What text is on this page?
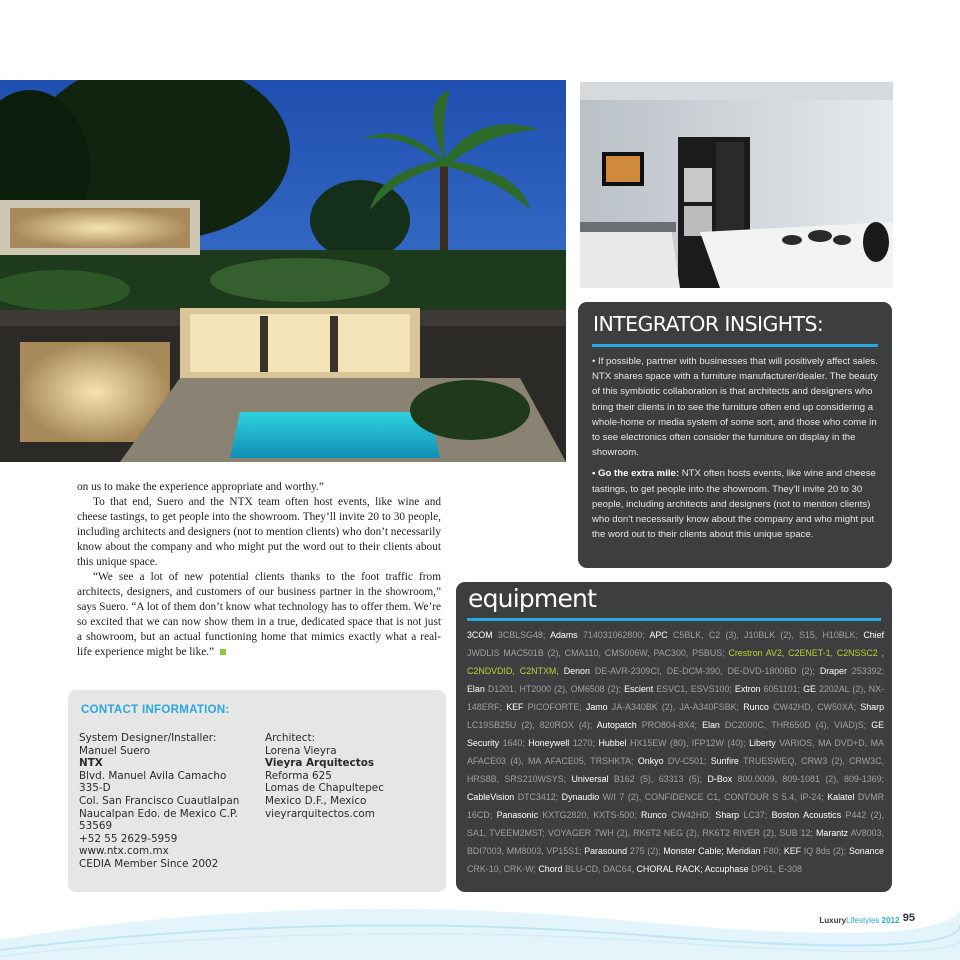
on us to make the experience appropriate and worthy.”

To that end, Suero and the NTX team often host events, like wine and cheese tastings, to get people into the showroom. They’ll invite 20 to 30 people, including architects and designers (not to mention clients) who don’t necessarily know about the company and who might put the word out to their clients about this unique space.

“We see a lot of new potential clients thanks to the foot traffic from architects, designers, and customers of our business partner in the showroom,” says Suero. “A lot of them don’t know what technology has to offer them. We’re so excited that we can now show them in a true, dedicated space that is not just a showroom, but an actual functioning home that mimics exactly what a real-life experience might be like.”

CONTACT INFORMATION:
System Designer/Installer:
Manuel Suero
NTX
Blvd. Manuel Avila Camacho
335-D
Col. San Francisco Cuautlalpan
Naucalpan Edo. de Mexico C.P.
53569
+52 55 2629-5959
www.ntx.com.mx
CEDIA Member Since 2002
Architect:
Lorena Vieyra
Vieyra Arquitectos
Reforma 625
Lomas de Chapultepec
Mexico D.F., Mexico
vieyrarquitectos.com
INTEGRATOR INSIGHTS:

• If possible, partner with businesses that will positively affect sales. NTX shares space with a furniture manufacturer/dealer. The beauty of this symbiotic collaboration is that architects and designers who bring their clients in to see the furniture often end up considering a whole-home or media system of some sort, and those who come in to see electronics often consider the furniture on display in the showroom.

• Go the extra mile: NTX often hosts events, like wine and cheese tastings, to get people into the showroom. They’ll invite 20 to 30 people, including architects and designers (not to mention clients) who don’t necessarily know about the company and who might put the word out to their clients about this unique space.

equipment
3COM 3CBLSG48; Adams 714031062800; APC C5BLK, C2 (3), J10BLK (2), S15, H10BLK; Chief JWDLIS MAC501B (2), CMA110, CMS006W, PAC300, PSBUS; Crestron AV2, C2ENET-1, C2NSSC2 , C2NDVDID, C2NTXM, Denon DE-AVR-2309CI, DE-DCM-390, DE-DVD-1800BD (2); Draper 253392; Elan D1201, HT2000 (2), OM6508 (2); Escient ESVC1, ESVS100; Extron 6051101; GE 2202AL (2), NX-148ERF; KEF PICOFORTE; Jamo JA-A340BK (2), JA-A340FSBK; Runco CW42HD, CW50XA; Sharp LC19SB25U (2), 820ROX (4); Autopatch PRO804-8X4; Elan DC2000C, THR650D (4), VIAD)S; GE Security 1640; Honeywell 1270; Hubbel HX15EW (80), IFP12W (40); Liberty VARIOS, MA DVD+D, MA AFACE03 (4), MA AFACE05, TRSHKTA; Onkyo DV-C501; Sunfire TRUESWEQ, CRW3 (2), CRW3C, HRS8B, SRS210WSYS; Universal B162 (5), 63313 (5); D-Box 800.0009, 809-1081 (2), 809-1369; CableVision DTC3412; Dynaudio W/I 7 (2), CONFIDENCE C1, CONTOUR S 5.4, IP-24; Kalatel DVMR 16CD; Panasonic KXTG2820, KXTS-500; Runco CW42HD; Sharp LC37; Boston Acoustics P442 (2), SA1, TVEEM2MST; VOYAGER 7WH (2), RK6T2 NEG (2), RK6T2 RIVER (2), SUB 12; Marantz AV8003, BDI7003, MM8003, VP15S1; Parasound 275 (2); Monster Cable; Meridian F80; KEF IQ 8ds (2); Sonance CRK-10, CRK-W; Chord BLU-CD, DAC64, CHORAL RACK; Accuphase DP61, E-308
LuxuryLifestyles 2012 95
